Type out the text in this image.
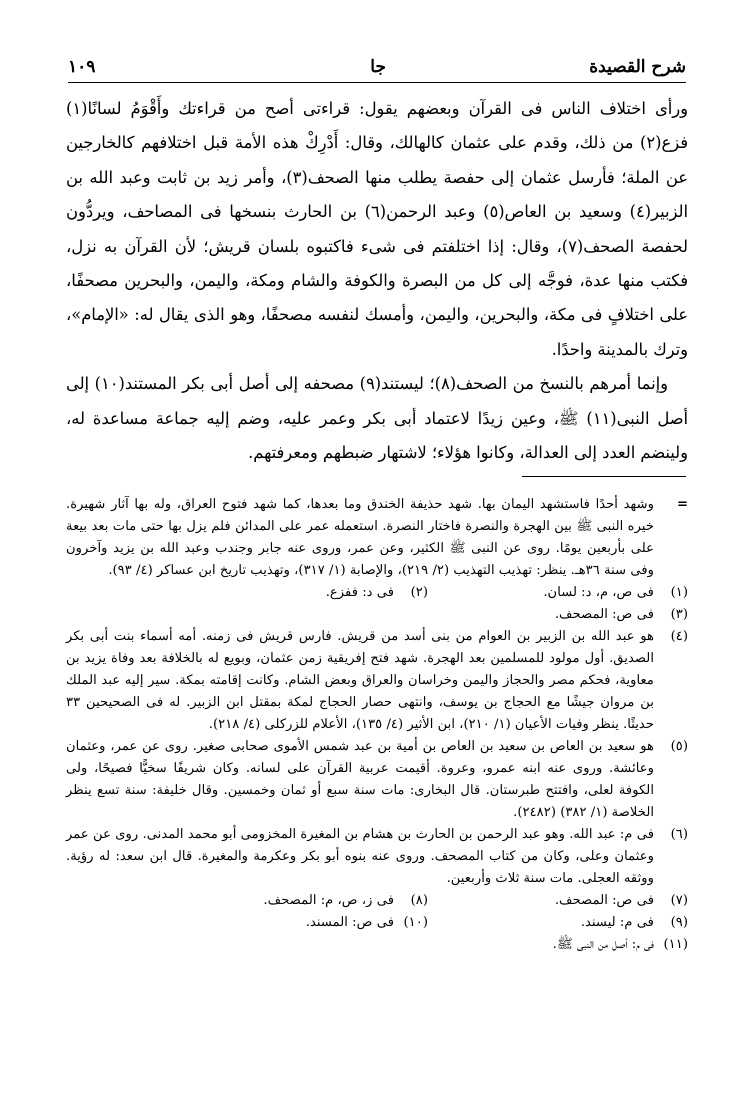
شرح القصيدة
جا
١٠٩

ورأى اختلاف الناس فى القرآن وبعضهم يقول: قراءتى أصح من قراءتك وأَقْوَمُ لسانًا(١) فزع(٢) من ذلك، وقدم على عثمان كالهالك، وقال: أَدْرِكْ هذه الأمة قبل اختلافهم كالخارجين عن الملة؛ فأرسل عثمان إلى حفصة يطلب منها الصحف(٣)، وأمر زيد بن ثابت وعبد الله بن الزبير(٤) وسعيد بن العاص(٥) وعبد الرحمن(٦) بن الحارث بنسخها فى المصاحف، ويردُّون لحفصة الصحف(٧)، وقال: إذا اختلفتم فى شىء فاكتبوه بلسان قريش؛ لأن القرآن به نزل، فكتب منها عدة، فوجَّه إلى كل من البصرة والكوفة والشام ومكة، واليمن، والبحرين مصحفًا، على اختلافٍ فى مكة، والبحرين، واليمن، وأمسك لنفسه مصحفًا، وهو الذى يقال له: «الإمام»، وترك بالمدينة واحدًا.

وإنما أمرهم بالنسخ من الصحف(٨)؛ ليستند(٩) مصحفه إلى أصل أبى بكر المستند(١٠) إلى أصل النبى(١١) ﷺ، وعين زيدًا لاعتماد أبى بكر وعمر عليه، وضم إليه جماعة مساعدة له، ولينضم العدد إلى العدالة، وكانوا هؤلاء؛ لاشتهار ضبطهم ومعرفتهم.

=
وشهد أحدًا فاستشهد اليمان بها. شهد حذيفة الخندق وما بعدها، كما شهد فتوح العراق، وله بها آثار شهيرة. خيره النبى ﷺ بين الهجرة والنصرة فاختار النصرة. استعمله عمر على المدائن فلم يزل بها حتى مات بعد بيعة على بأربعين يومًا. روى عن النبى ﷺ الكثير، وعن عمر، وروى عنه جابر وجندب وعبد الله بن يزيد وآخرون وفى سنة ٣٦هـ. ينظر: تهذيب التهذيب (٢/ ٢١٩)، والإصابة (١/ ٣١٧)، وتهذيب تاريخ ابن عساكر (٤/ ٩٣).
(١)
فى ص، م، د: لسان.
(٢)
فى د: ففزع.
(٣)
فى ص: المصحف.
(٤)
هو عبد الله بن الزبير بن العوام من بنى أسد من قريش. فارس قريش فى زمنه. أمه أسماء بنت أبى بكر الصديق. أول مولود للمسلمين بعد الهجرة. شهد فتح إفريقية زمن عثمان، وبويع له بالخلافة بعد وفاة يزيد بن معاوية، فحكم مصر والحجاز واليمن وخراسان والعراق وبعض الشام. وكانت إقامته بمكة. سير إليه عبد الملك بن مروان جيشًا مع الحجاج بن يوسف، وانتهى حصار الحجاج لمكة بمقتل ابن الزبير. له فى الصحيحين ٣٣ حديثًا. ينظر وفيات الأعيان (١/ ٢١٠)، ابن الأثير (٤/ ١٣٥)، الأعلام للزركلى (٤/ ٢١٨).
(٥)
هو سعيد بن العاص بن سعيد بن العاص بن أمية بن عبد شمس الأموى صحابى صغير. روى عن عمر، وعثمان وعائشة. وروى عنه ابنه عمرو، وعروة. أقيمت عربية القرآن على لسانه. وكان شريفًا سخيًّا فصيحًا، ولى الكوفة لعلى، وافتتح طبرستان. قال البخارى: مات سنة سبع أو ثمان وخمسين. وقال خليفة: سنة تسع ينظر الخلاصة (١/ ٣٨٢) (٢٤٨٢).
(٦)
فى م: عبد الله. وهو عبد الرحمن بن الحارث بن هشام بن المغيرة المخزومى أبو محمد المدنى. روى عن عمر وعثمان وعلى، وكان من كتاب المصحف. وروى عنه بنوه أبو بكر وعكرمة والمغيرة. قال ابن سعد: له رؤية. ووثقه العجلى. مات سنة ثلاث وأربعين.
(٧)
فى ص: المصحف.
(٨)
فى ز، ص، م: المصحف.
(٩)
فى م: ليسند.
(١٠)
فى ص: المسند.
(١١)
فى م: أصل من النبى ﷺ.
